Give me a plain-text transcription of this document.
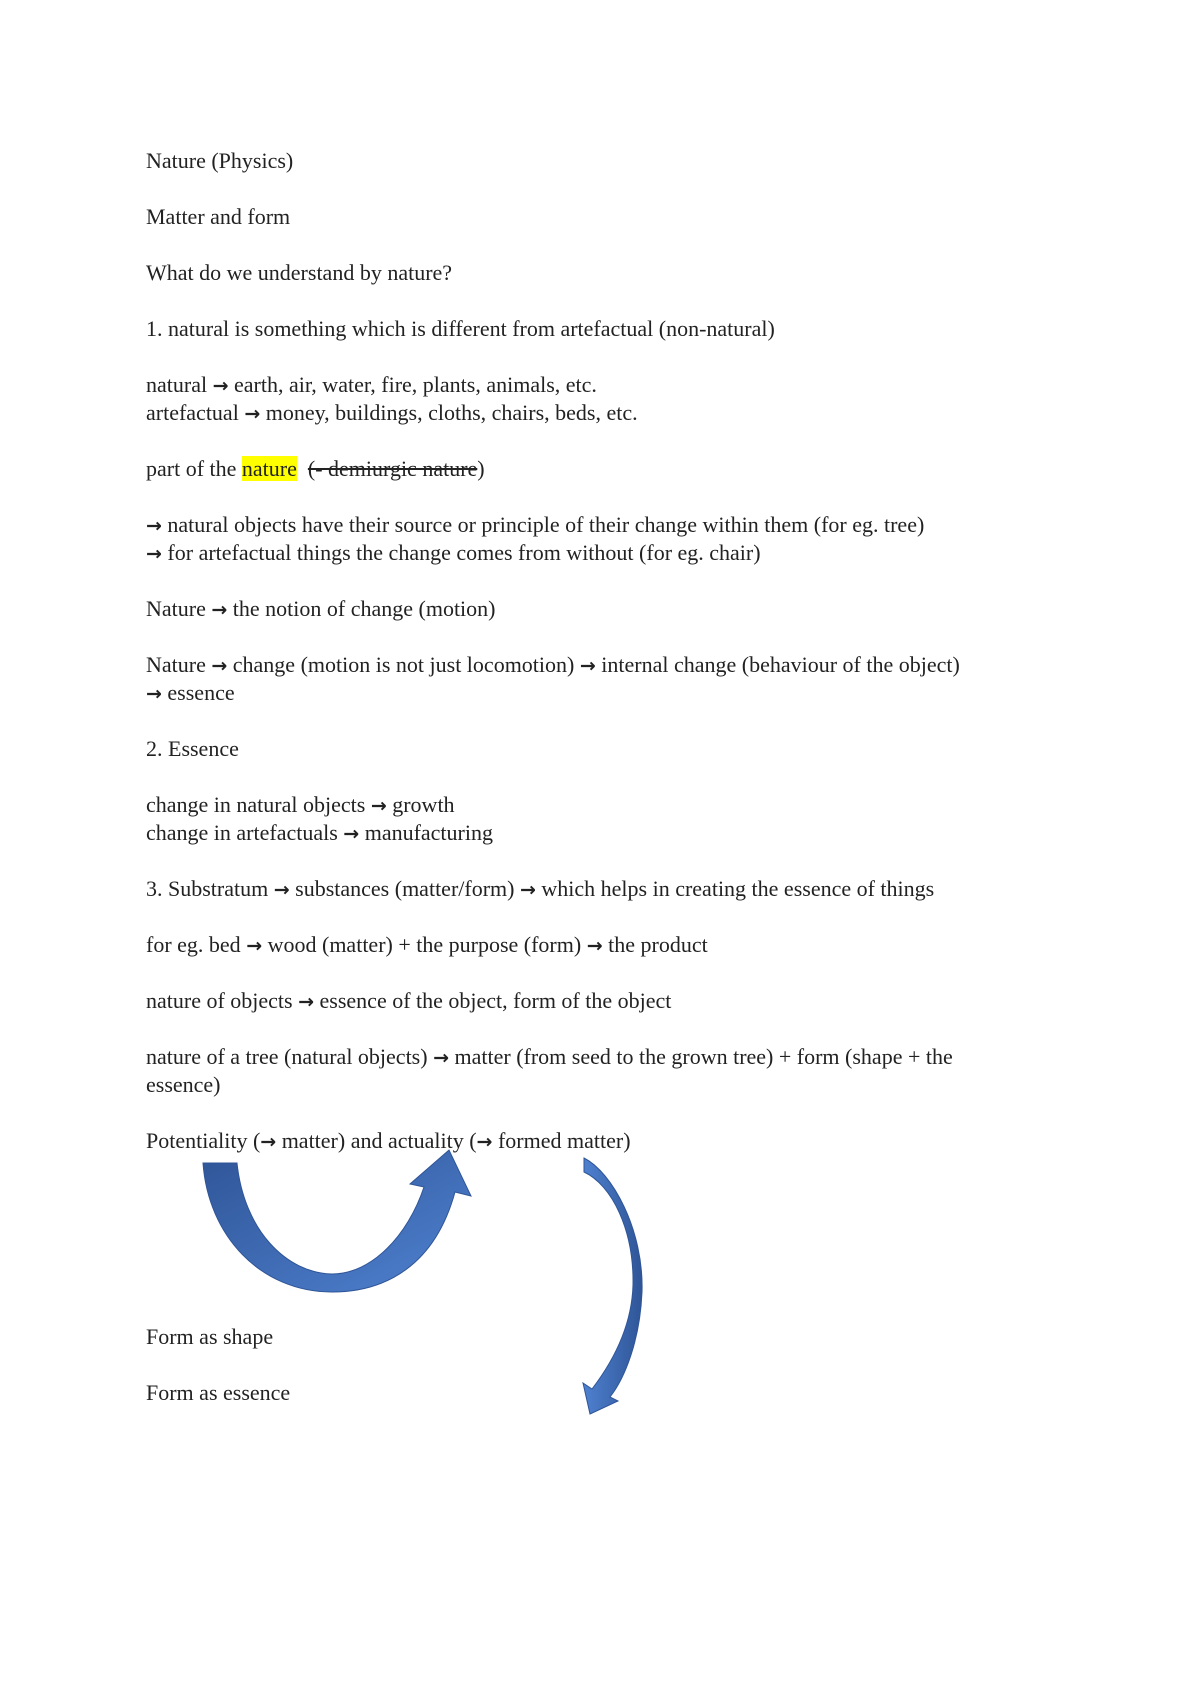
Nature (Physics)
Matter and form
What do we understand by nature?
1. natural is something which is different from artefactual (non-natural)
natural → earth, air, water, fire, plants, animals, etc.
artefactual → money, buildings, cloths, chairs, beds, etc.
part of the nature (- demiurgic nature)
→ natural objects have their source or principle of their change within them (for eg. tree)
→ for artefactual things the change comes from without (for eg. chair)
Nature → the notion of change (motion)
Nature → change (motion is not just locomotion) → internal change (behaviour of the object)
→ essence
2. Essence
change in natural objects → growth
change in artefactuals → manufacturing
3. Substratum → substances (matter/form) → which helps in creating the essence of things
for eg. bed → wood (matter) + the purpose (form) → the product
nature of objects → essence of the object, form of the object
nature of a tree (natural objects) → matter (from seed to the grown tree) + form (shape + the
essence)
Potentiality (→ matter) and actuality (→ formed matter)
Form as shape
Form as essence
